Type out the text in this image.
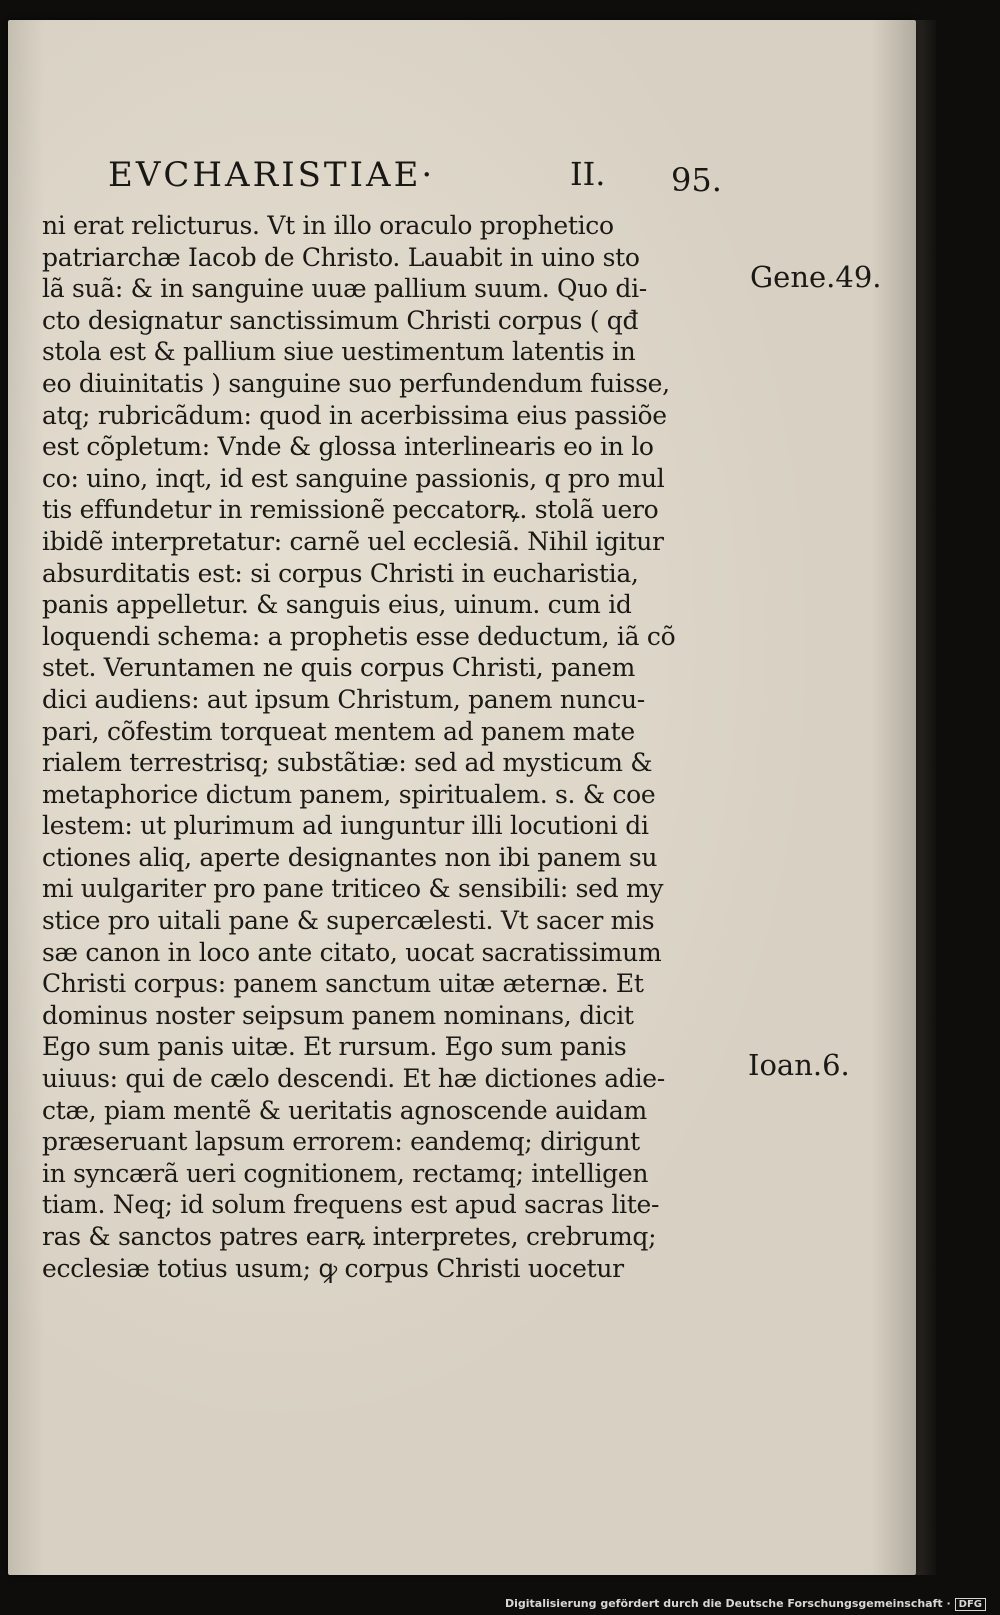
EVCHARISTIAE·	II. 95.
ni erat relicturus. Vt in illo oraculo prophetico
patriarchæ Iacob de Christo. Lauabit in uino sto
lã suã: & in sanguine uuæ pallium suum. Quo di-
cto designatur sanctissimum Christi corpus ( qđ
stola est & pallium siue uestimentum latentis in
eo diuinitatis ) sanguine suo perfundendum fuisse,
atq; rubricãdum: quod in acerbissima eius passiõe
est cõpletum: Vnde & glossa interlinearis eo in lo
co: uino, inqt, id est sanguine passionis, q pro mul
tis effundetur in remissionẽ peccatorꝶ. stolã uero
ibidẽ interpretatur: carnẽ uel ecclesiã. Nihil igitur
absurditatis est: si corpus Christi in eucharistia,
panis appelletur. & sanguis eius, uinum. cum id
loquendi schema: a prophetis esse deductum, iã cõ
stet. Veruntamen ne quis corpus Christi, panem
dici audiens: aut ipsum Christum, panem nuncu-
pari, cõfestim torqueat mentem ad panem mate
rialem terrestrisq; substãtiæ: sed ad mysticum &
metaphorice dictum panem, spiritualem. s. & coe
lestem: ut plurimum ad iunguntur illi locutioni di
ctiones aliq, aperte designantes non ibi panem su
mi uulgariter pro pane triticeo & sensibili: sed my
stice pro uitali pane & supercælesti. Vt sacer mis
sæ canon in loco ante citato, uocat sacratissimum
Christi corpus: panem sanctum uitæ æternæ. Et
dominus noster seipsum panem nominans, dicit
Ego sum panis uitæ. Et rursum. Ego sum panis
uiuus: qui de cælo descendi. Et hæ dictiones adie-
ctæ, piam mentẽ & ueritatis agnoscende auidam
præseruant lapsum errorem: eandemq; dirigunt
in syncærã ueri cognitionem, rectamq; intelligen
tiam. Neq; id solum frequens est apud sacras lite-
ras & sanctos patres earꝶ interpretes, crebrumq;
ecclesiæ totius usum; ꝙ corpus Christi uocetur
Gene.49.
Ioan.6.
Digitalisierung gefördert durch die Deutsche Forschungsgemeinschaft · DFG
